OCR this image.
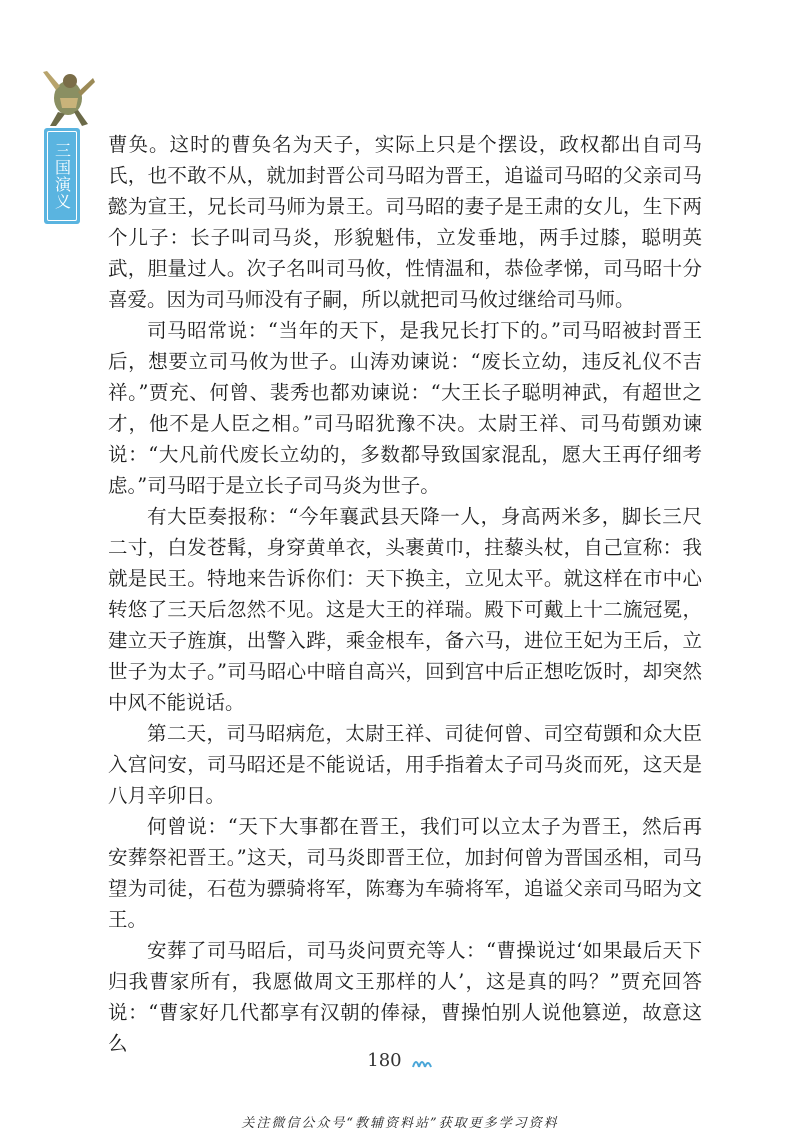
三国演义 曹奂。这时的曹奂名为天子，实际上只是个摆设，政权都出自司马氏，也不敢不从，就加封晋公司马昭为晋王，追谥司马昭的父亲司马懿为宣王，兄长司马师为景王。司马昭的妻子是王肃的女儿，生下两个儿子：长子叫司马炎，形貌魁伟，立发垂地，两手过膝，聪明英武，胆量过人。次子名叫司马攸，性情温和，恭俭孝悌，司马昭十分喜爱。因为司马师没有子嗣，所以就把司马攸过继给司马师。

司马昭常说：“当年的天下，是我兄长打下的。”司马昭被封晋王后，想要立司马攸为世子。山涛劝谏说：“废长立幼，违反礼仪不吉祥。”贾充、何曾、裴秀也都劝谏说：“大王长子聪明神武，有超世之才，他不是人臣之相。”司马昭犹豫不决。太尉王祥、司马荀顗劝谏说：“大凡前代废长立幼的，多数都导致国家混乱，愿大王再仔细考虑。”司马昭于是立长子司马炎为世子。

有大臣奏报称：“今年襄武县天降一人，身高两米多，脚长三尺二寸，白发苍髯，身穿黄单衣，头裹黄巾，拄藜头杖，自己宣称：我就是民王。特地来告诉你们：天下换主，立见太平。就这样在市中心转悠了三天后忽然不见。这是大王的祥瑞。殿下可戴上十二旒冠冕，建立天子旌旗，出警入跸，乘金根车，备六马，进位王妃为王后，立世子为太子。”司马昭心中暗自高兴，回到宫中后正想吃饭时，却突然中风不能说话。

第二天，司马昭病危，太尉王祥、司徒何曾、司空荀顗和众大臣入宫问安，司马昭还是不能说话，用手指着太子司马炎而死，这天是八月辛卯日。

何曾说：“天下大事都在晋王，我们可以立太子为晋王，然后再安葬祭祀晋王。”这天，司马炎即晋王位，加封何曾为晋国丞相，司马望为司徒，石苞为骠骑将军，陈骞为车骑将军，追谥父亲司马昭为文王。

安葬了司马昭后，司马炎问贾充等人：“曹操说过‘如果最后天下归我曹家所有，我愿做周文王那样的人’，这是真的吗？”贾充回答说：“曹家好几代都享有汉朝的俸禄，曹操怕别人说他篡逆，故意这么

180
关注微信公众号“教辅资料站”获取更多学习资料
